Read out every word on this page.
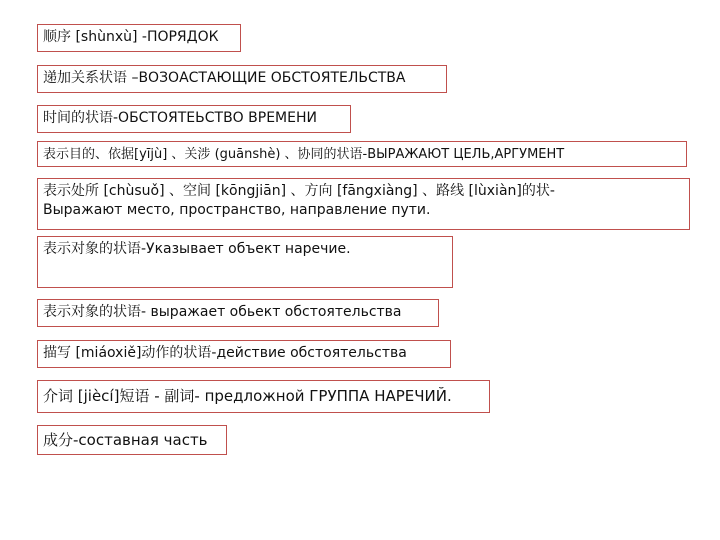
顺序 [shùnxù] -ПОРЯДОК
递加关系状语 –ВОЗОАСТАЮЩИЕ ОБСТОЯТЕЛЬСТВА
时间的状语-ОБСТОЯТЕЬСТВО ВРЕМЕНИ
表示目的、依据[yījù] 、关涉 (guānshè) 、协同的状语-ВЫРАЖАЮТ ЦЕЛЬ,АРГУМЕНТ
表示处所 [chùsuǒ] 、空间 [kōngjiān] 、方向 [fāngxiàng] 、路线 [lùxiàn]的状-
Выражают место, пространство, направление пути.
表示对象的状语-Указывает объект наречие.
表示对象的状语- выражает обьект обстоятельства
描写 [miáoxiě]动作的状语-действие обстоятельства
介词 [jiècí]短语 - 副词- предложной ГРУППА НАРЕЧИЙ.
成分-составная часть
